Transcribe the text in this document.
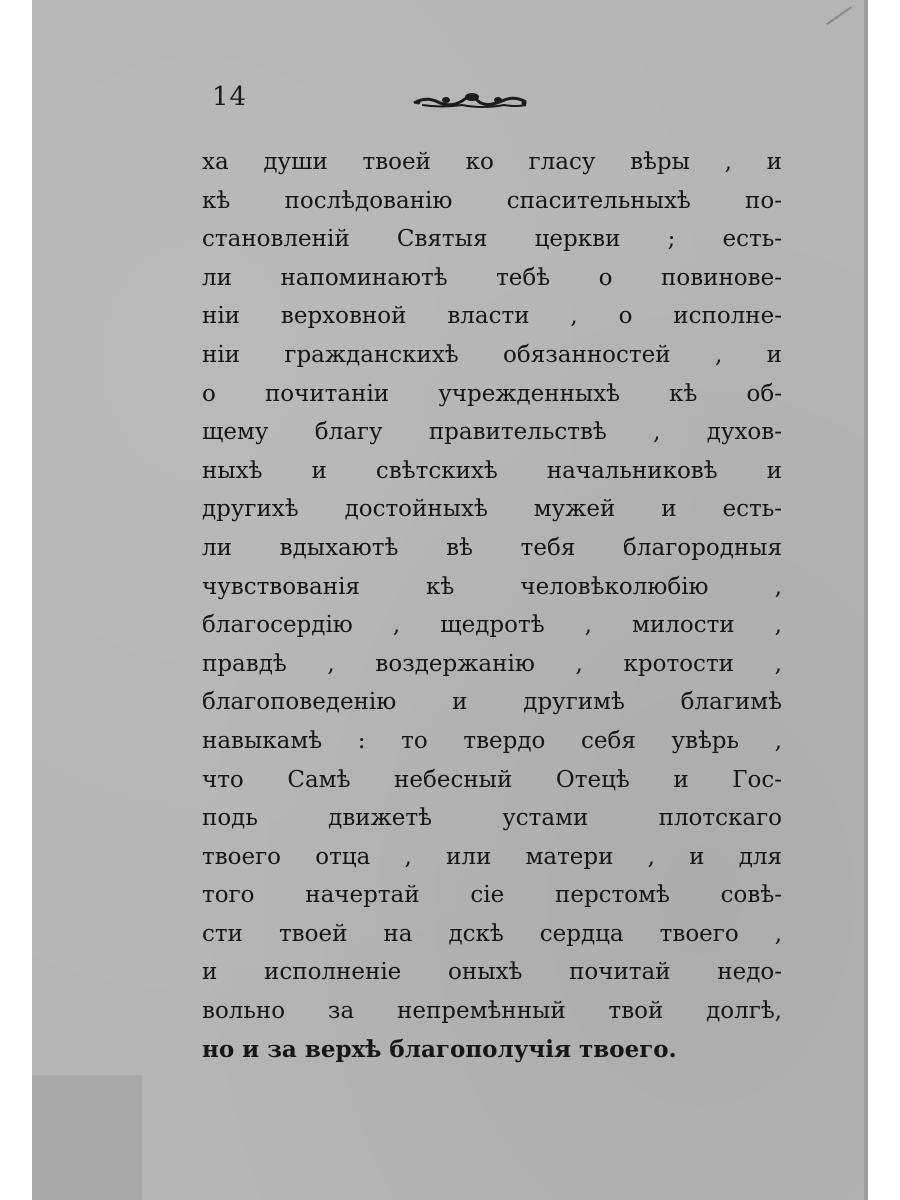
14
ха души твоей ко гласу вѣры , и
кѣ послѣдованію спасительныхѣ по-
становленій Святыя церкви ; есть-
ли напоминаютѣ тебѣ о повинове-
ніи верховной власти , о исполне-
ніи гражданскихѣ обязанностей , и
о почитаніи учрежденныхѣ кѣ об-
щему благу правительствѣ , духов-
ныхѣ и свѣтскихѣ начальниковѣ и
другихѣ достойныхѣ мужей и есть-
ли вдыхаютѣ вѣ тебя благородныя
чувствованія кѣ человѣколюбію ,
благосердію , щедротѣ , милости ,
правдѣ , воздержанію , кротости ,
благоповеденію и другимѣ благимѣ
навыкамѣ : то твердо себя увѣрь ,
что Самѣ небесный Отецѣ и Гос-
подь движетѣ устами плотскаго
твоего отца , или матери , и для
того начертай сіе перстомѣ совѣ-
сти твоей на дскѣ сердца твоего ,
и исполненіе оныхѣ почитай недо-
вольно за непремѣнный твой долгѣ,
но и за верхѣ благополучія твоего.
